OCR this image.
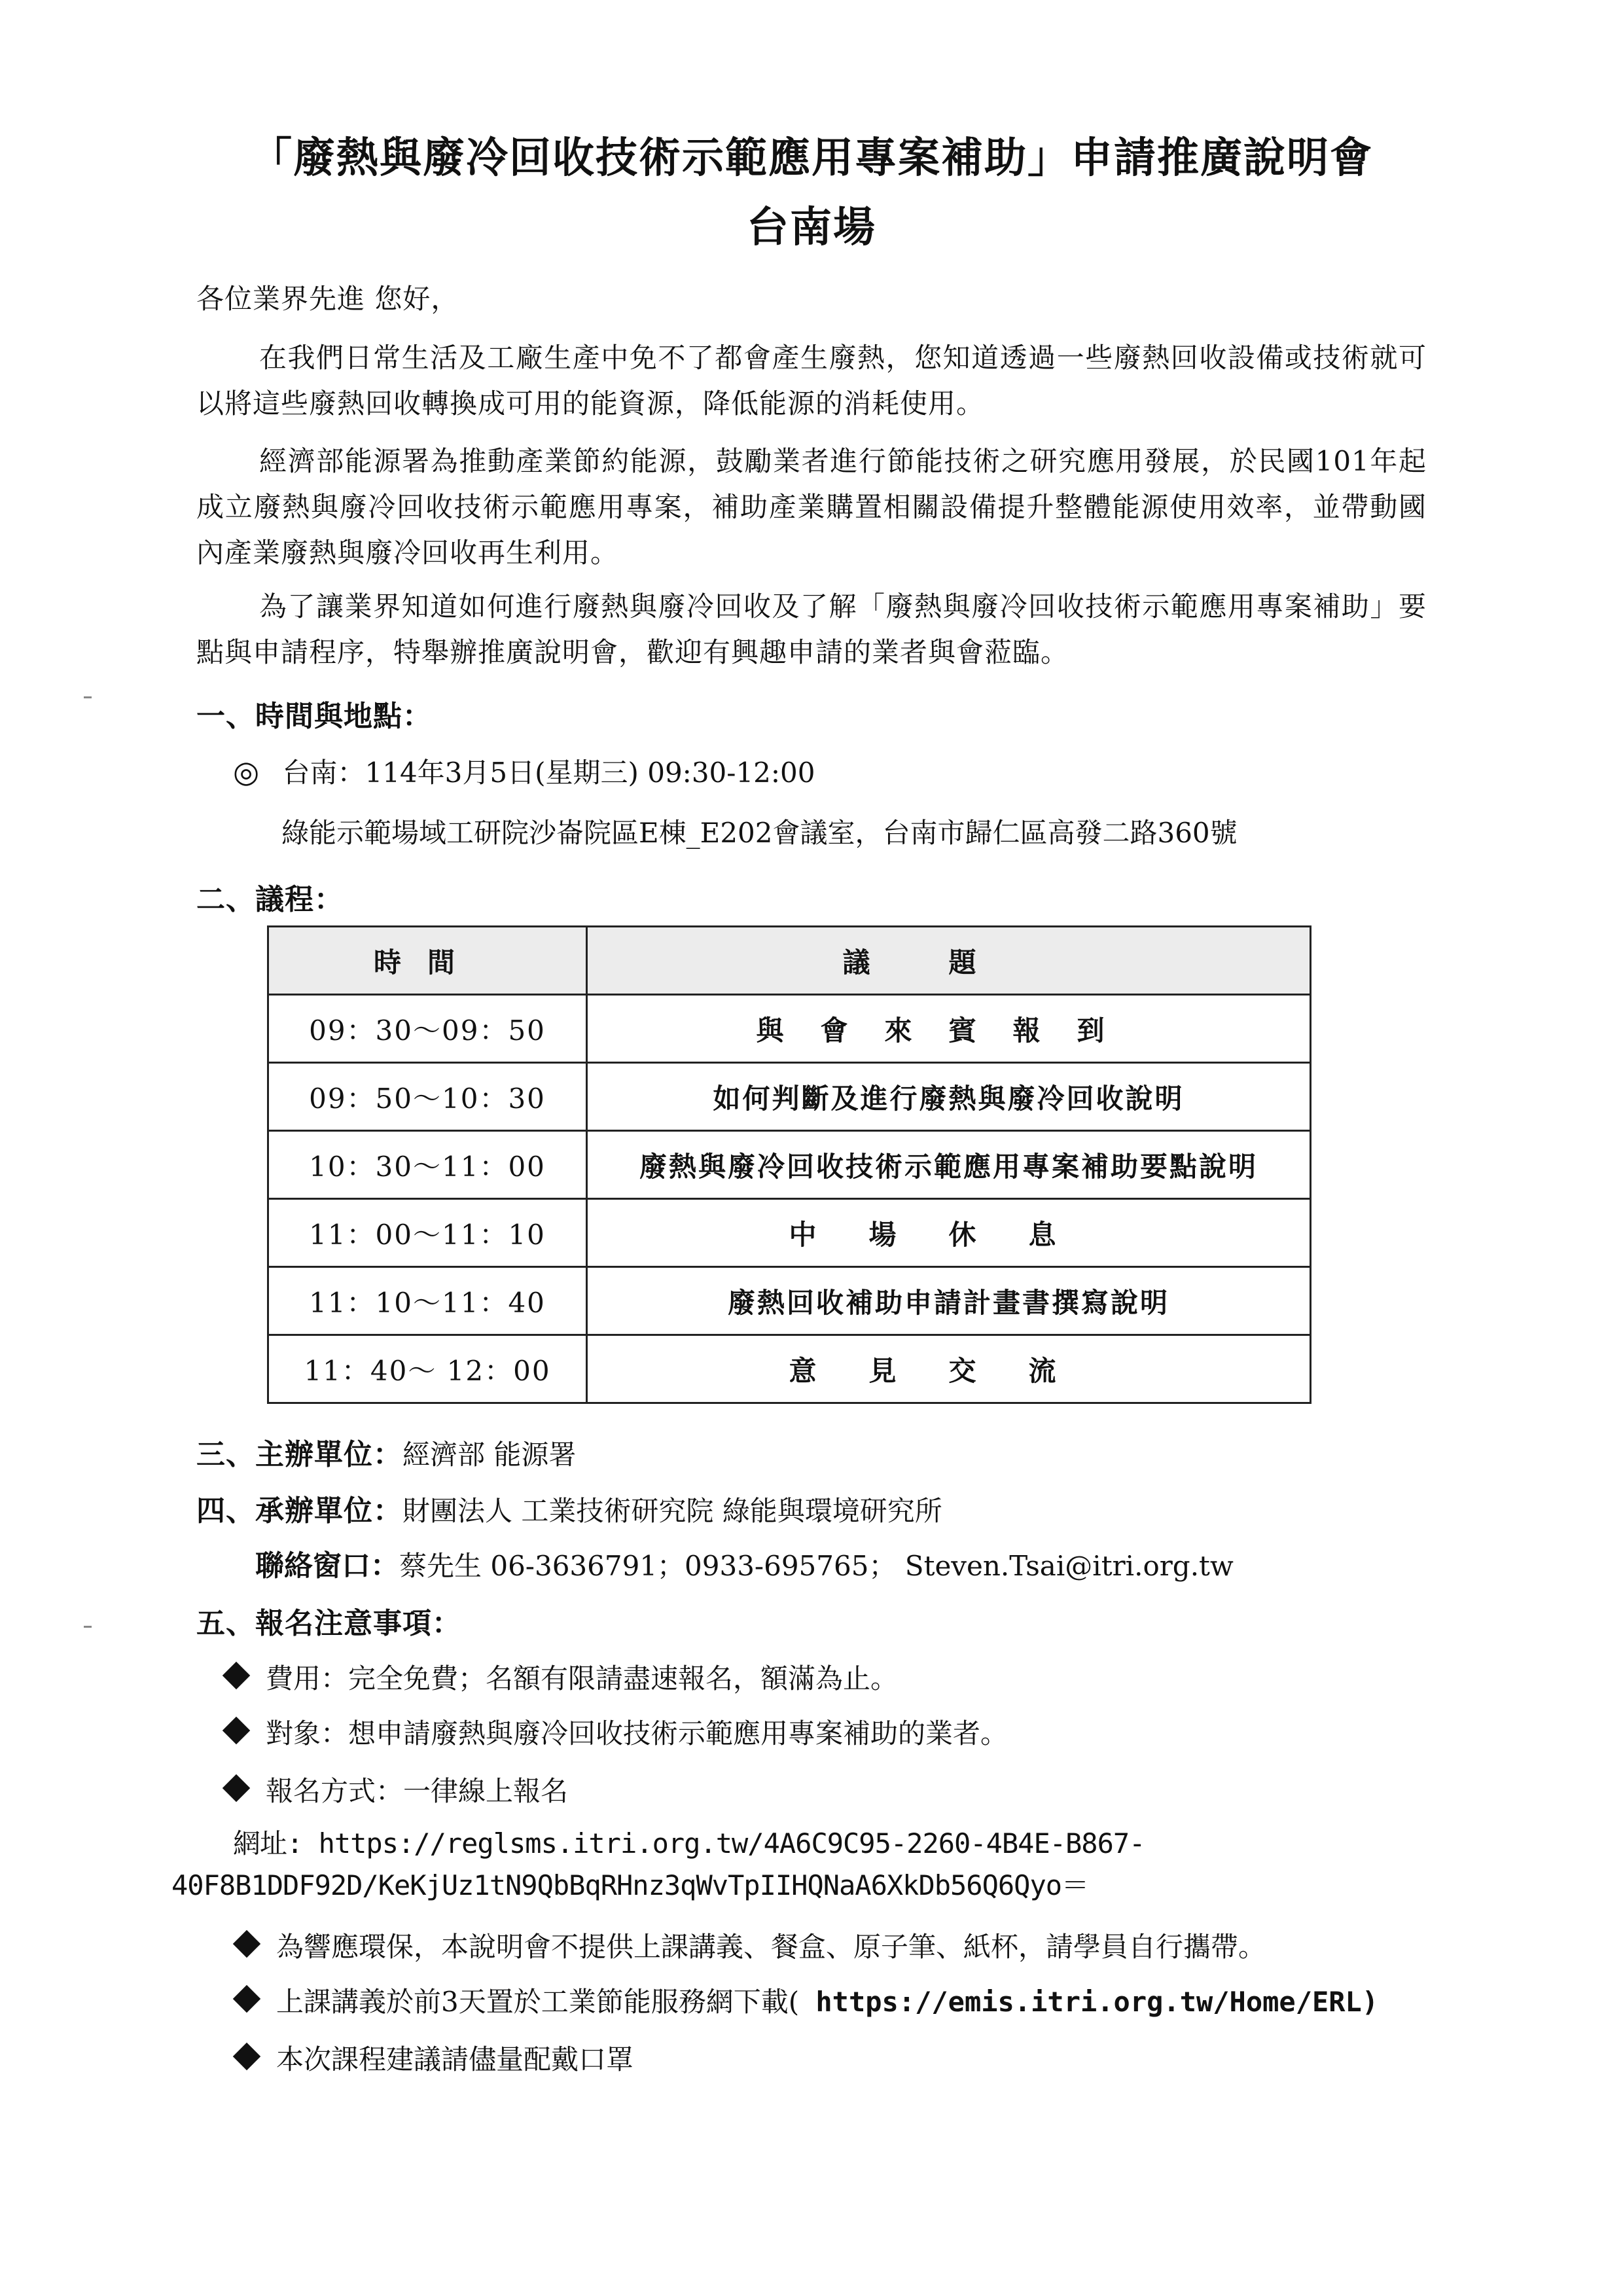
「廢熱與廢冷回收技術示範應用專案補助」申請推廣說明會
台南場
各位業界先進 您好，
在我們日常生活及工廠生產中免不了都會產生廢熱，您知道透過一些廢熱回收設備或技術就可以將這些廢熱回收轉換成可用的能資源，降低能源的消耗使用。
經濟部能源署為推動產業節約能源，鼓勵業者進行節能技術之研究應用發展，於民國101年起成立廢熱與廢冷回收技術示範應用專案，補助產業購置相關設備提升整體能源使用效率，並帶動國內產業廢熱與廢冷回收再生利用。
為了讓業界知道如何進行廢熱與廢冷回收及了解「廢熱與廢冷回收技術示範應用專案補助」要點與申請程序，特舉辦推廣說明會，歡迎有興趣申請的業者與會蒞臨。
一、時間與地點：
◎ 台南：114年3月5日(星期三) 09:30-12:00
綠能示範場域工研院沙崙院區E棟_E202會議室，台南市歸仁區高發二路360號
二、議程：
時間	議題
09：30～09：50	與會來賓報到
09：50～10：30	如何判斷及進行廢熱與廢冷回收說明
10：30～11：00	廢熱與廢冷回收技術示範應用專案補助要點說明
11：00～11：10	中場休息
11：10～11：40	廢熱回收補助申請計畫書撰寫說明
11：40～ 12：00	意見交流
三、主辦單位：經濟部 能源署
四、承辦單位：財團法人 工業技術研究院 綠能與環境研究所
聯絡窗口：蔡先生 06-3636791；0933-695765； Steven.Tsai@itri.org.tw
五、報名注意事項：
費用：完全免費；名額有限請盡速報名，額滿為止。
對象：想申請廢熱與廢冷回收技術示範應用專案補助的業者。
報名方式：一律線上報名
網址: https://reglsms.itri.org.tw/4A6C9C95-2260-4B4E-B867-
40F8B1DDF92D/KeKjUz1tN9QbBqRHnz3qWvTpIIHQNaA6XkDb56Q6Qyo＝
為響應環保，本說明會不提供上課講義、餐盒、原子筆、紙杯，請學員自行攜帶。
上課講義於前3天置於工業節能服務網下載( https://emis.itri.org.tw/Home/ERL)
本次課程建議請儘量配戴口罩
